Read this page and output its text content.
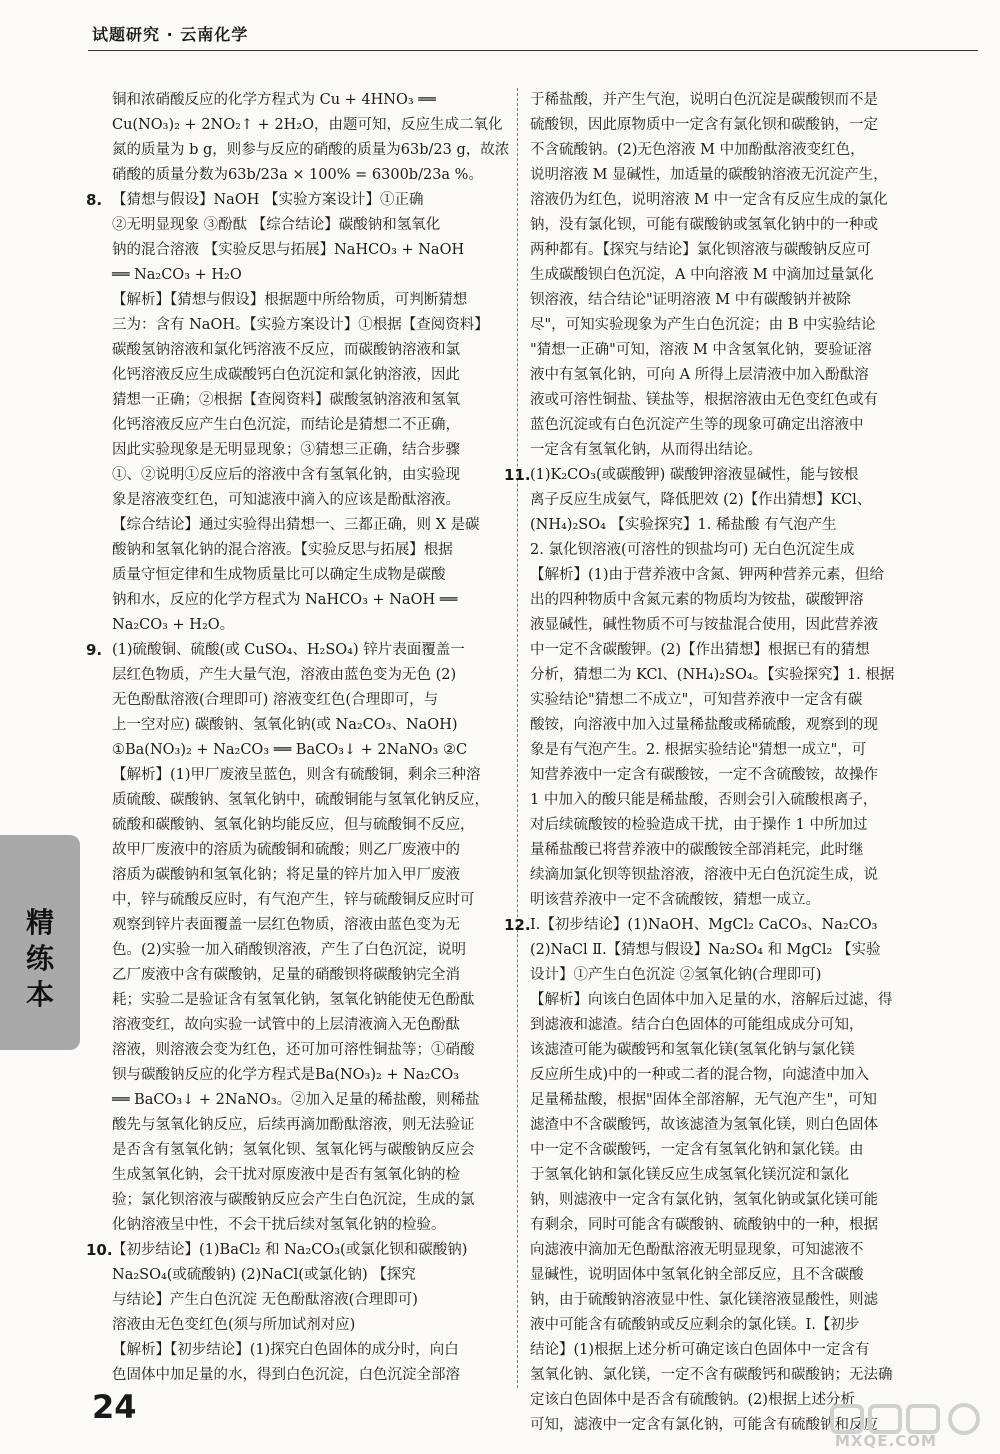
试题研究 · 云南化学
铜和浓硝酸反应的化学方程式为 Cu + 4HNO₃ ══
Cu(NO₃)₂ + 2NO₂↑ + 2H₂O，由题可知，反应生成二氧化
氮的质量为 b g，则参与反应的硝酸的质量为63b/23 g，故浓
硝酸的质量分数为63b/23a × 100% = 6300b/23a %。
8. 【猜想与假设】NaOH 【实验方案设计】①正确
②无明显现象 ③酚酞 【综合结论】碳酸钠和氢氧化
钠的混合溶液 【实验反思与拓展】NaHCO₃ + NaOH
══ Na₂CO₃ + H₂O
【解析】【猜想与假设】根据题中所给物质，可判断猜想
三为：含有 NaOH。【实验方案设计】①根据【查阅资料】
碳酸氢钠溶液和氯化钙溶液不反应，而碳酸钠溶液和氯
化钙溶液反应生成碳酸钙白色沉淀和氯化钠溶液，因此
猜想一正确；②根据【查阅资料】碳酸氢钠溶液和氢氧
化钙溶液反应产生白色沉淀，而结论是猜想二不正确，
因此实验现象是无明显现象；③猜想三正确，结合步骤
①、②说明①反应后的溶液中含有氢氧化钠，由实验现
象是溶液变红色，可知滤液中滴入的应该是酚酞溶液。
【综合结论】通过实验得出猜想一、三都正确，则 X 是碳
酸钠和氢氧化钠的混合溶液。【实验反思与拓展】根据
质量守恒定律和生成物质量比可以确定生成物是碳酸
钠和水，反应的化学方程式为 NaHCO₃ + NaOH ══
Na₂CO₃ + H₂O。
9. (1)硫酸铜、硫酸(或 CuSO₄、H₂SO₄) 锌片表面覆盖一
层红色物质，产生大量气泡，溶液由蓝色变为无色 (2)
无色酚酞溶液(合理即可) 溶液变红色(合理即可，与
上一空对应) 碳酸钠、氢氧化钠(或 Na₂CO₃、NaOH)
①Ba(NO₃)₂ + Na₂CO₃ ══ BaCO₃↓ + 2NaNO₃ ②C
【解析】(1)甲厂废液呈蓝色，则含有硫酸铜，剩余三种溶
质硫酸、碳酸钠、氢氧化钠中，硫酸铜能与氢氧化钠反应，
硫酸和碳酸钠、氢氧化钠均能反应，但与硫酸铜不反应，
故甲厂废液中的溶质为硫酸铜和硫酸；则乙厂废液中的
溶质为碳酸钠和氢氧化钠；将足量的锌片加入甲厂废液
中，锌与硫酸反应时，有气泡产生，锌与硫酸铜反应时可
观察到锌片表面覆盖一层红色物质，溶液由蓝色变为无
色。(2)实验一加入硝酸钡溶液，产生了白色沉淀，说明
乙厂废液中含有碳酸钠，足量的硝酸钡将碳酸钠完全消
耗；实验二是验证含有氢氧化钠，氢氧化钠能使无色酚酞
溶液变红，故向实验一试管中的上层清液滴入无色酚酞
溶液，则溶液会变为红色，还可加可溶性铜盐等；①硝酸
钡与碳酸钠反应的化学方程式是Ba(NO₃)₂ + Na₂CO₃
══ BaCO₃↓ + 2NaNO₃。②加入足量的稀盐酸，则稀盐
酸先与氢氧化钠反应，后续再滴加酚酞溶液，则无法验证
是否含有氢氧化钠；氢氧化钡、氢氧化钙与碳酸钠反应会
生成氢氧化钠，会干扰对原废液中是否有氢氧化钠的检
验；氯化钡溶液与碳酸钠反应会产生白色沉淀，生成的氯
化钠溶液呈中性，不会干扰后续对氢氧化钠的检验。
10. 【初步结论】(1)BaCl₂ 和 Na₂CO₃(或氯化钡和碳酸钠)
Na₂SO₄(或硫酸钠) (2)NaCl(或氯化钠) 【探究
与结论】产生白色沉淀 无色酚酞溶液(合理即可)
溶液由无色变红色(须与所加试剂对应)
【解析】【初步结论】(1)探究白色固体的成分时，向白
色固体中加足量的水，得到白色沉淀，白色沉淀全部溶
于稀盐酸，并产生气泡，说明白色沉淀是碳酸钡而不是
硫酸钡，因此原物质中一定含有氯化钡和碳酸钠，一定
不含硫酸钠。(2)无色溶液 M 中加酚酞溶液变红色，
说明溶液 M 显碱性，加适量的碳酸钠溶液无沉淀产生，
溶液仍为红色，说明溶液 M 中一定含有反应生成的氯化
钠，没有氯化钡，可能有碳酸钠或氢氧化钠中的一种或
两种都有。【探究与结论】氯化钡溶液与碳酸钠反应可
生成碳酸钡白色沉淀，A 中向溶液 M 中滴加过量氯化
钡溶液，结合结论"证明溶液 M 中有碳酸钠并被除
尽"，可知实验现象为产生白色沉淀；由 B 中实验结论
"猜想一正确"可知，溶液 M 中含氢氧化钠，要验证溶
液中有氢氧化钠，可向 A 所得上层清液中加入酚酞溶
液或可溶性铜盐、镁盐等，根据溶液由无色变红色或有
蓝色沉淀或有白色沉淀产生等的现象可确定出溶液中
一定含有氢氧化钠，从而得出结论。
11. (1)K₂CO₃(或碳酸钾) 碳酸钾溶液显碱性，能与铵根
离子反应生成氨气，降低肥效 (2)【作出猜想】KCl、
(NH₄)₂SO₄ 【实验探究】1. 稀盐酸 有气泡产生
2. 氯化钡溶液(可溶性的钡盐均可) 无白色沉淀生成
【解析】(1)由于营养液中含氮、钾两种营养元素，但给
出的四种物质中含氮元素的物质均为铵盐，碳酸钾溶
液显碱性，碱性物质不可与铵盐混合使用，因此营养液
中一定不含碳酸钾。(2)【作出猜想】根据已有的猜想
分析，猜想二为 KCl、(NH₄)₂SO₄。【实验探究】1. 根据
实验结论"猜想二不成立"，可知营养液中一定含有碳
酸铵，向溶液中加入过量稀盐酸或稀硫酸，观察到的现
象是有气泡产生。2. 根据实验结论"猜想一成立"，可
知营养液中一定含有碳酸铵，一定不含硫酸铵，故操作
1 中加入的酸只能是稀盐酸，否则会引入硫酸根离子，
对后续硫酸铵的检验造成干扰，由于操作 1 中所加过
量稀盐酸已将营养液中的碳酸铵全部消耗完，此时继
续滴加氯化钡等钡盐溶液，溶液中无白色沉淀生成，说
明该营养液中一定不含硫酸铵，猜想一成立。
12. Ⅰ.【初步结论】(1)NaOH、MgCl₂ CaCO₃、Na₂CO₃
(2)NaCl Ⅱ.【猜想与假设】Na₂SO₄ 和 MgCl₂ 【实验
设计】①产生白色沉淀 ②氢氧化钠(合理即可)
【解析】向该白色固体中加入足量的水，溶解后过滤，得
到滤液和滤渣。结合白色固体的可能组成成分可知，
该滤渣可能为碳酸钙和氢氧化镁(氢氧化钠与氯化镁
反应所生成)中的一种或二者的混合物，向滤渣中加入
足量稀盐酸，根据"固体全部溶解，无气泡产生"，可知
滤渣中不含碳酸钙，故该滤渣为氢氧化镁，则白色固体
中一定不含碳酸钙，一定含有氢氧化钠和氯化镁。由
于氢氧化钠和氯化镁反应生成氢氧化镁沉淀和氯化
钠，则滤液中一定含有氯化钠，氢氧化钠或氯化镁可能
有剩余，同时可能含有碳酸钠、硫酸钠中的一种，根据
向滤液中滴加无色酚酞溶液无明显现象，可知滤液不
显碱性，说明固体中氢氧化钠全部反应，且不含碳酸
钠，由于硫酸钠溶液显中性、氯化镁溶液显酸性，则滤
液中可能含有硫酸钠或反应剩余的氯化镁。Ⅰ.【初步
结论】(1)根据上述分析可确定该白色固体中一定含有
氢氧化钠、氯化镁，一定不含有碳酸钙和碳酸钠；无法确
定该白色固体中是否含有硫酸钠。(2)根据上述分析
可知，滤液中一定含有氯化钠，可能含有硫酸钠和反应
精
练
本
24
MXQE.COM
